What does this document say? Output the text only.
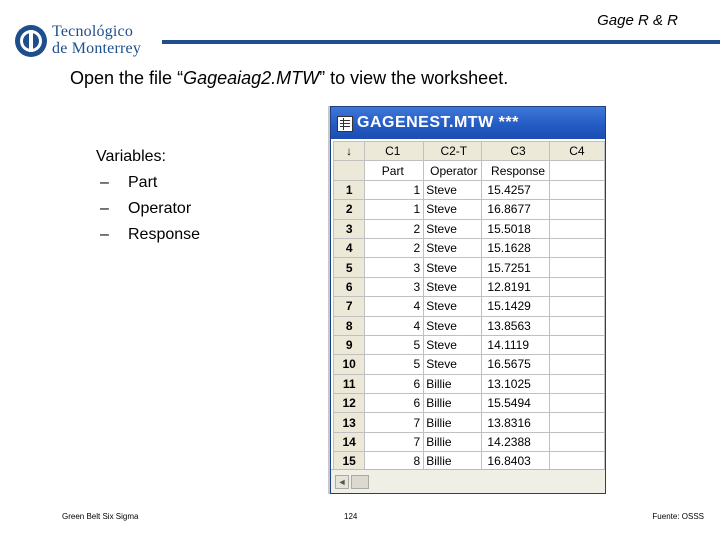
Tecnológico
de Monterrey
Gage R & R
Open the file “Gageaiag2.MTW” to view the worksheet.
Variables:
– Part
– Operator
– Response
GAGENEST.MTW ***
↓	C1	C2-T	C3	C4
	Part	Operator	Response	
1	1	Steve	15.4257	
2	1	Steve	16.8677	
3	2	Steve	15.5018	
4	2	Steve	15.1628	
5	3	Steve	15.7251	
6	3	Steve	12.8191	
7	4	Steve	15.1429	
8	4	Steve	13.8563	
9	5	Steve	14.1119	
10	5	Steve	16.5675	
11	6	Billie	13.1025	
12	6	Billie	15.5494	
13	7	Billie	13.8316	
14	7	Billie	14.2388	
15	8	Billie	16.8403	
◄
Green Belt Six Sigma	124	Fuente: OSSS
